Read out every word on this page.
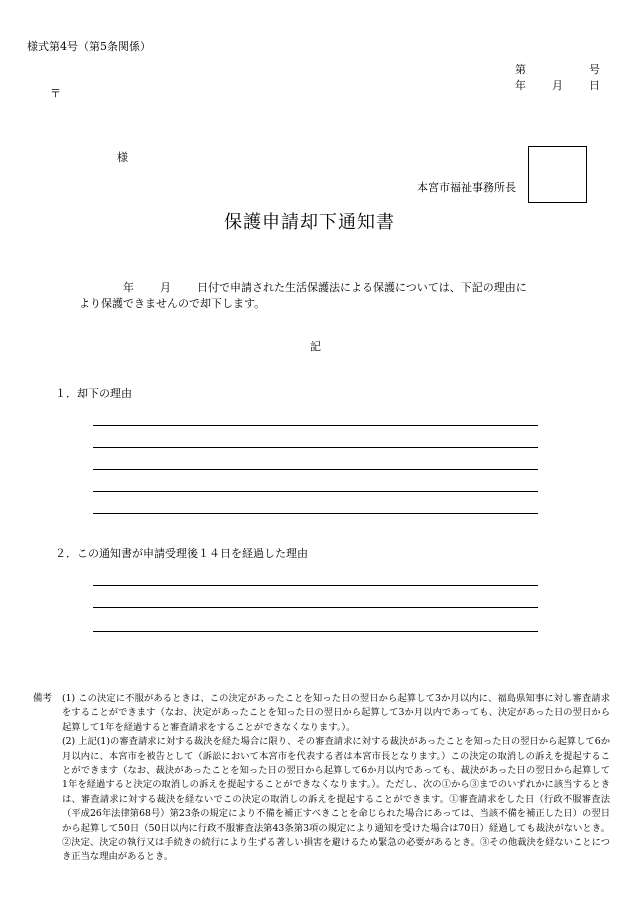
様式第4号（第5条関係）
第	号
年 月 日
〒
様
本宮市福祉事務所長
保護申請却下通知書
年 月 日付で申請された生活保護法による保護については、下記の理由に
より保護できませんので却下します。
記
１．却下の理由
２．この通知書が申請受理後１４日を経過した理由
備考 (1) この決定に不服があるときは、この決定があったことを知った日の翌日から起算して3か月以内に、福島県知事に対し審査請求をすることができます（なお、決定があったことを知った日の翌日から起算して3か月以内であっても、決定があった日の翌日から起算して1年を経過すると審査請求をすることができなくなります。）。

(2) 上記(1)の審査請求に対する裁決を経た場合に限り、その審査請求に対する裁決があったことを知った日の翌日から起算して6か月以内に、本宮市を被告として（訴訟において本宮市を代表する者は本宮市長となります。）この決定の取消しの訴えを提起することができます（なお、裁決があったことを知った日の翌日から起算して6か月以内であっても、裁決があった日の翌日から起算して1年を経過すると決定の取消しの訴えを提起することができなくなります。）。ただし、次の①から③までのいずれかに該当するときは、審査請求に対する裁決を経ないでこの決定の取消しの訴えを提起することができます。①審査請求をした日（行政不服審査法（平成26年法律第68号）第23条の規定により不備を補正すべきことを命じられた場合にあっては、当該不備を補正した日）の翌日から起算して50日（50日以内に行政不服審査法第43条第3項の規定により通知を受けた場合は70日）経過しても裁決がないとき。②決定、決定の執行又は手続きの続行により生ずる著しい損害を避けるため緊急の必要があるとき。③その他裁決を経ないことにつき正当な理由があるとき。
